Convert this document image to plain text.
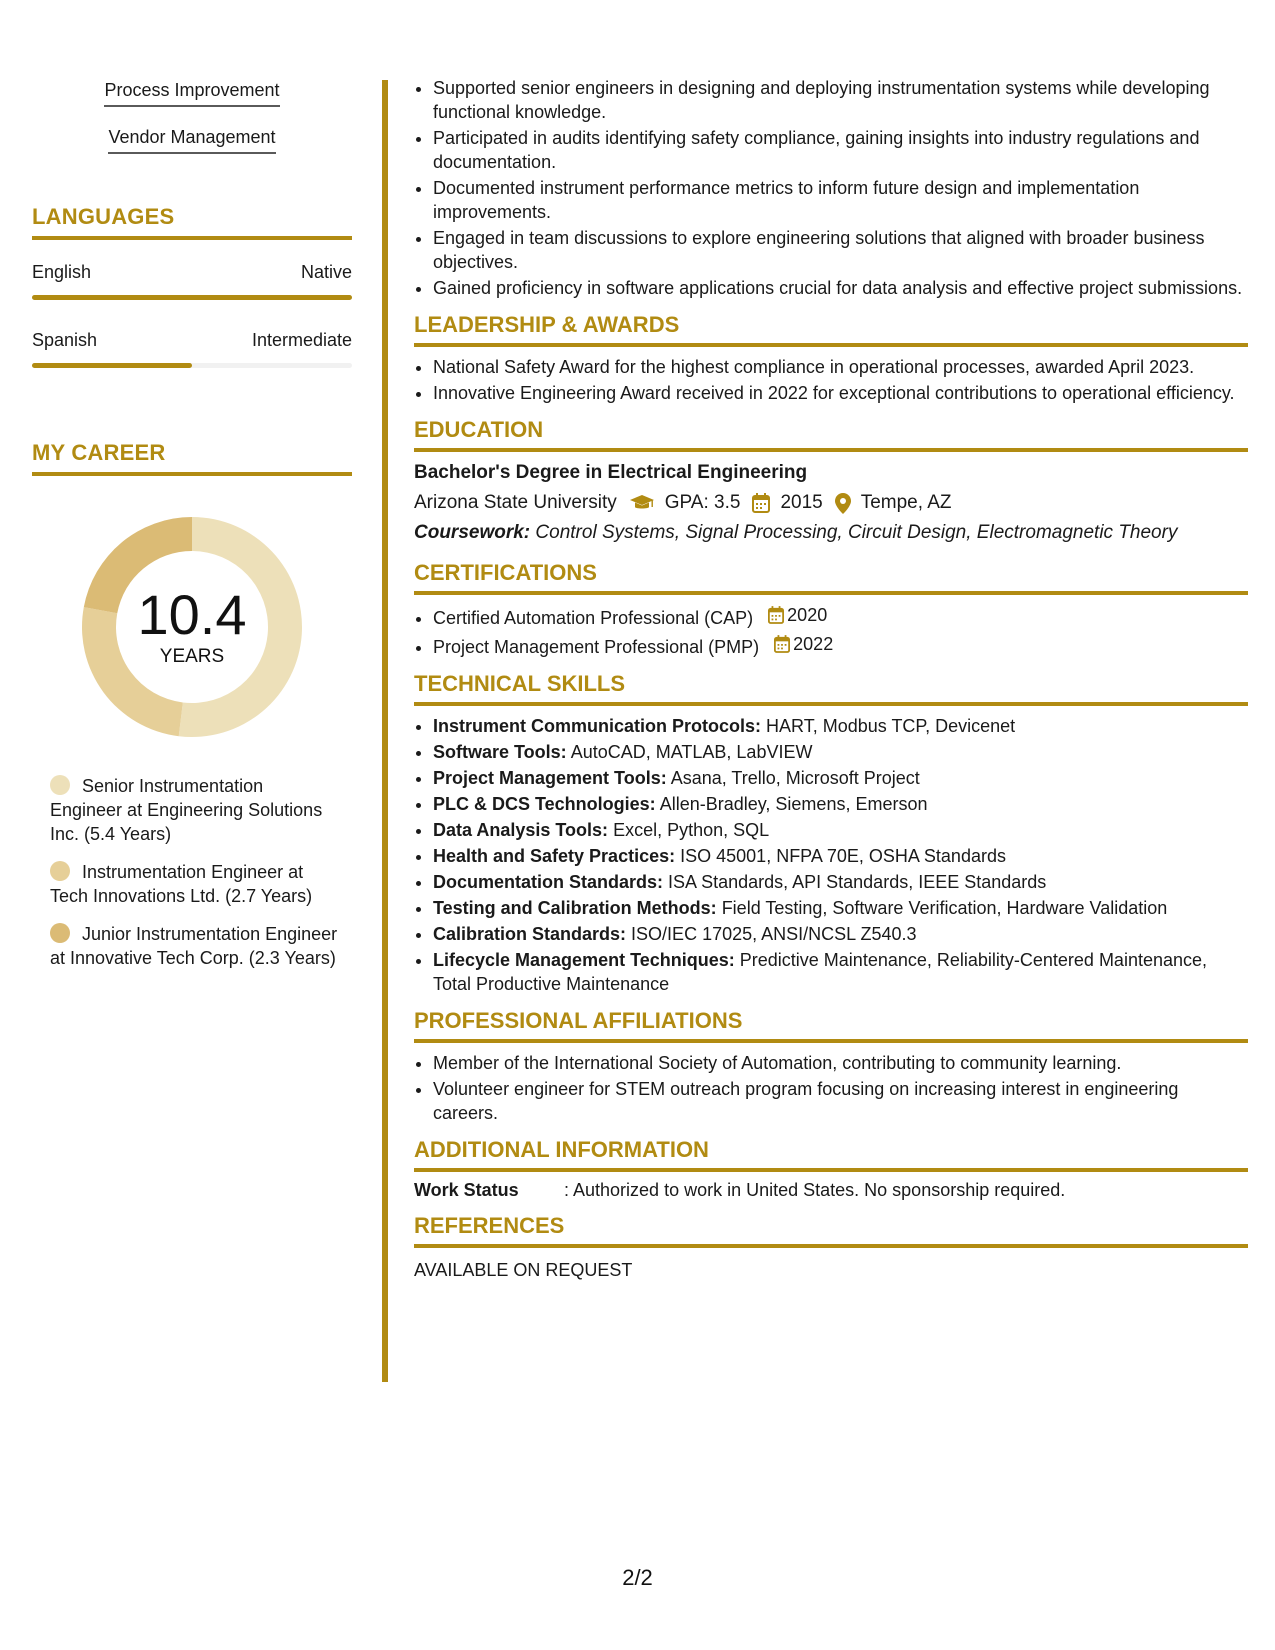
Process Improvement
Vendor Management
LANGUAGES
English	Native
Spanish	Intermediate
MY CAREER
10.4
YEARS
Senior Instrumentation Engineer at Engineering Solutions Inc. (5.4 Years)
Instrumentation Engineer at Tech Innovations Ltd. (2.7 Years)
Junior Instrumentation Engineer at Innovative Tech Corp. (2.3 Years)
• Supported senior engineers in designing and deploying instrumentation systems while developing functional knowledge.
• Participated in audits identifying safety compliance, gaining insights into industry regulations and documentation.
• Documented instrument performance metrics to inform future design and implementation improvements.
• Engaged in team discussions to explore engineering solutions that aligned with broader business objectives.
• Gained proficiency in software applications crucial for data analysis and effective project submissions.
LEADERSHIP & AWARDS
• National Safety Award for the highest compliance in operational processes, awarded April 2023.
• Innovative Engineering Award received in 2022 for exceptional contributions to operational efficiency.
EDUCATION
Bachelor's Degree in Electrical Engineering
Arizona State University	GPA: 3.5 2015 Tempe, AZ
Coursework: Control Systems, Signal Processing, Circuit Design, Electromagnetic Theory
CERTIFICATIONS
• Certified Automation Professional (CAP) 2020
• Project Management Professional (PMP) 2022
TECHNICAL SKILLS
• Instrument Communication Protocols: HART, Modbus TCP, Devicenet
• Software Tools: AutoCAD, MATLAB, LabVIEW
• Project Management Tools: Asana, Trello, Microsoft Project
• PLC & DCS Technologies: Allen-Bradley, Siemens, Emerson
• Data Analysis Tools: Excel, Python, SQL
• Health and Safety Practices: ISO 45001, NFPA 70E, OSHA Standards
• Documentation Standards: ISA Standards, API Standards, IEEE Standards
• Testing and Calibration Methods: Field Testing, Software Verification, Hardware Validation
• Calibration Standards: ISO/IEC 17025, ANSI/NCSL Z540.3
• Lifecycle Management Techniques: Predictive Maintenance, Reliability-Centered Maintenance, Total Productive Maintenance
PROFESSIONAL AFFILIATIONS
• Member of the International Society of Automation, contributing to community learning.
• Volunteer engineer for STEM outreach program focusing on increasing interest in engineering careers.
ADDITIONAL INFORMATION
Work Status	: Authorized to work in United States. No sponsorship required.
REFERENCES
AVAILABLE ON REQUEST
2/2
